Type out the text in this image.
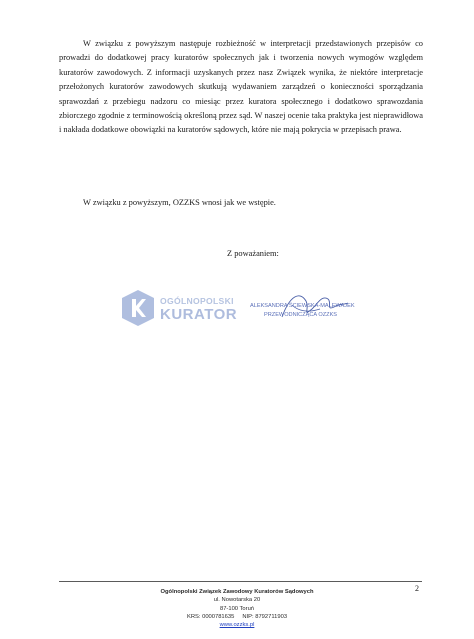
W związku z powyższym następuje rozbieżność w interpretacji przedstawionych przepisów co prowadzi do dodatkowej pracy kuratorów społecznych jak i tworzenia nowych wymogów względem kuratorów zawodowych. Z informacji uzyskanych przez nasz Związek wynika, że niektóre interpretacje przełożonych kuratorów zawodowych skutkują wydawaniem zarządzeń o konieczności sporządzania sprawozdań z przebiegu nadzoru co miesiąc przez kuratora społecznego i dodatkowo sprawozdania zbiorczego zgodnie z terminowością określoną przez sąd. W naszej ocenie taka praktyka jest nieprawidłowa i nakłada dodatkowe obowiązki na kuratorów sądowych, które nie mają pokrycia w przepisach prawa.

W związku z powyższym, OZZKS wnosi jak we wstępie.

Z poważaniem:

OGÓLNOPOLSKI
KURATOR ALEKSANDRA ŚCIEWSKA-MALEWAJEK
PRZEWODNICZĄCA OZZKS
2
Ogólnopolski Związek Zawodowy Kuratorów Sądowych
ul. Nowotarska 20
87-100 Toruń
KRS: 0000781635 NIP: 8792711903
www.ozzks.pl
